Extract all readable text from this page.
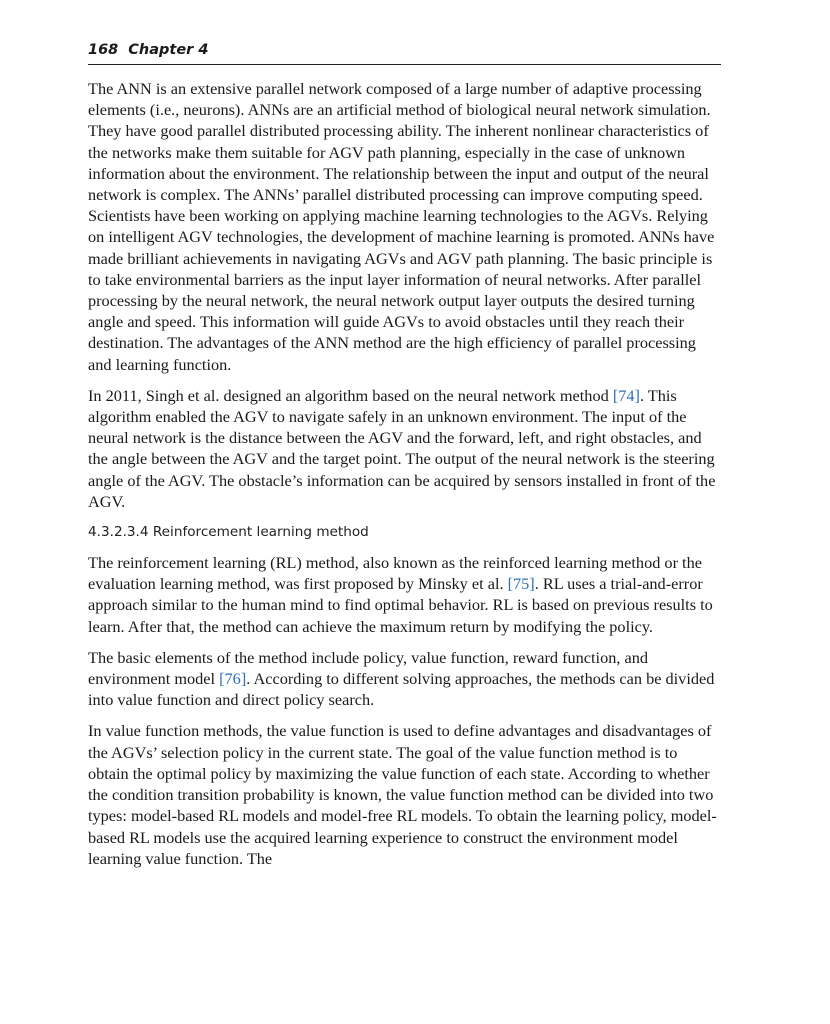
168 Chapter 4

The ANN is an extensive parallel network composed of a large number of adaptive processing elements (i.e., neurons). ANNs are an artificial method of biological neural network simulation. They have good parallel distributed processing ability. The inherent nonlinear characteristics of the networks make them suitable for AGV path planning, especially in the case of unknown information about the environment. The relationship between the input and output of the neural network is complex. The ANNs’ parallel distributed processing can improve computing speed. Scientists have been working on applying machine learning technologies to the AGVs. Relying on intelligent AGV technologies, the development of machine learning is promoted. ANNs have made brilliant achievements in navigating AGVs and AGV path planning. The basic principle is to take environmental barriers as the input layer information of neural networks. After parallel processing by the neural network, the neural network output layer outputs the desired turning angle and speed. This information will guide AGVs to avoid obstacles until they reach their destination. The advantages of the ANN method are the high efficiency of parallel processing and learning function.

In 2011, Singh et al. designed an algorithm based on the neural network method [74]. This algorithm enabled the AGV to navigate safely in an unknown environment. The input of the neural network is the distance between the AGV and the forward, left, and right obstacles, and the angle between the AGV and the target point. The output of the neural network is the steering angle of the AGV. The obstacle’s information can be acquired by sensors installed in front of the AGV.

4.3.2.3.4 Reinforcement learning method

The reinforcement learning (RL) method, also known as the reinforced learning method or the evaluation learning method, was first proposed by Minsky et al. [75]. RL uses a trial-and-error approach similar to the human mind to find optimal behavior. RL is based on previous results to learn. After that, the method can achieve the maximum return by modifying the policy.

The basic elements of the method include policy, value function, reward function, and environment model [76]. According to different solving approaches, the methods can be divided into value function and direct policy search.

In value function methods, the value function is used to define advantages and disadvantages of the AGVs’ selection policy in the current state. The goal of the value function method is to obtain the optimal policy by maximizing the value function of each state. According to whether the condition transition probability is known, the value function method can be divided into two types: model-based RL models and model-free RL models. To obtain the learning policy, model-based RL models use the acquired learning experience to construct the environment model learning value function. The
